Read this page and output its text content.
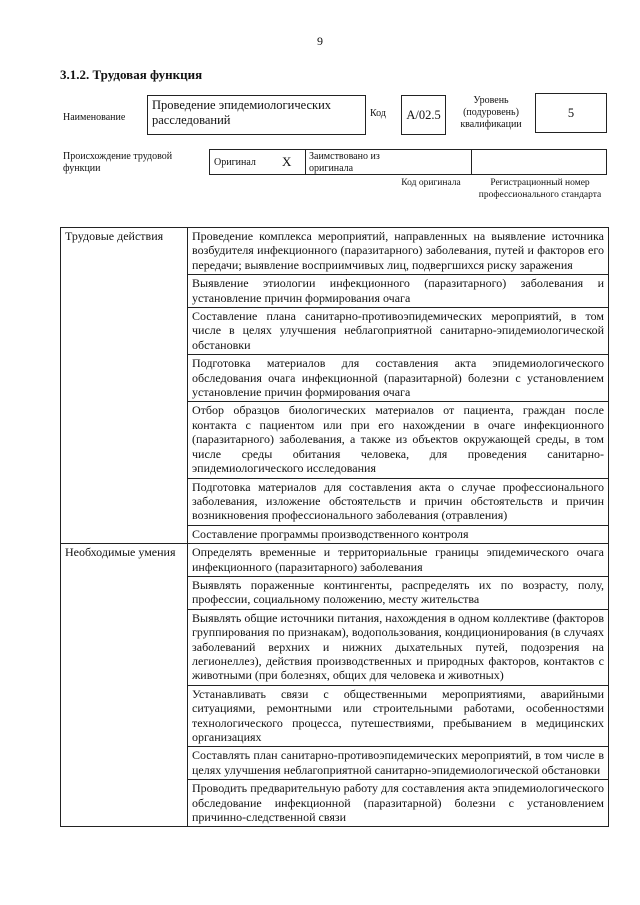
9
3.1.2. Трудовая функция
Наименование
Проведение эпидемиологических расследований	Код	A/02.5
Уровень (подуровень) квалификации
5
Происхождение трудовой функции
Оригинал X Заимствовано из оригинала
Код оригинала	Регистрационный номер профессионального стандарта
Трудовые действия	Проведение комплекса мероприятий, направленных на выявление источника возбудителя инфекционного (паразитарного) заболевания, путей и факторов его передачи; выявление восприимчивых лиц, подвергшихся риску заражения
	Выявление этиологии инфекционного (паразитарного) заболевания и установление причин формирования очага
	Составление плана санитарно-противоэпидемических мероприятий, в том числе в целях улучшения неблагоприятной санитарно-эпидемиологической обстановки
	Подготовка материалов для составления акта эпидемиологического обследования очага инфекционной (паразитарной) болезни с установлением установление причин формирования очага
	Отбор образцов биологических материалов от пациента, граждан после контакта с пациентом или при его нахождении в очаге инфекционного (паразитарного) заболевания, а также из объектов окружающей среды, в том числе среды обитания человека, для проведения санитарно-эпидемиологического исследования
	Подготовка материалов для составления акта о случае профессионального заболевания, изложение обстоятельств и причин обстоятельств и причин возникновения профессионального заболевания (отравления)
	Составление программы производственного контроля
Необходимые умения	Определять временные и территориальные границы эпидемического очага инфекционного (паразитарного) заболевания
	Выявлять пораженные контингенты, распределять их по возрасту, полу, профессии, социальному положению, месту жительства
	Выявлять общие источники питания, нахождения в одном коллективе (факторов группирования по признакам), водопользования, кондиционирования (в случаях заболеваний верхних и нижних дыхательных путей, подозрения на легионеллез), действия производственных и природных факторов, контактов с животными (при болезнях, общих для человека и животных)
	Устанавливать связи с общественными мероприятиями, аварийными ситуациями, ремонтными или строительными работами, особенностями технологического процесса, путешествиями, пребыванием в медицинских организациях
	Составлять план санитарно-противоэпидемических мероприятий, в том числе в целях улучшения неблагоприятной санитарно-эпидемиологической обстановки
	Проводить предварительную работу для составления акта эпидемиологического обследование инфекционной (паразитарной) болезни с установлением причинно-следственной связи
